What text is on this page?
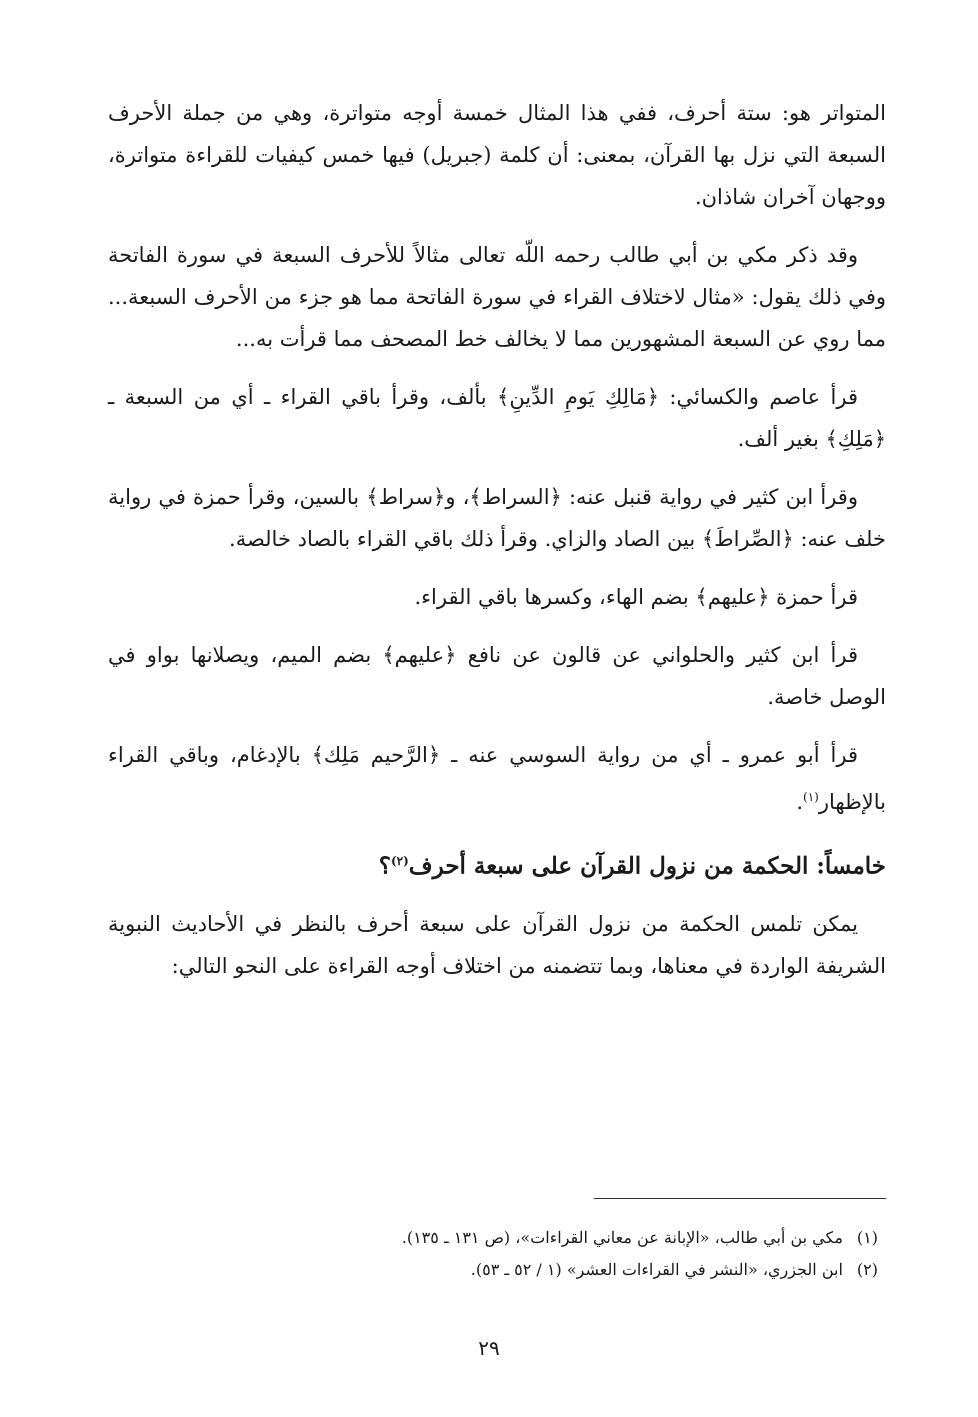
المتواتر هو: ستة أحرف، ففي هذا المثال خمسة أوجه متواترة، وهي من جملة الأحرف السبعة التي نزل بها القرآن، بمعنى: أن كلمة (جبريل) فيها خمس كيفيات للقراءة متواترة، ووجهان آخران شاذان.

وقد ذكر مكي بن أبي طالب رحمه اللّه تعالى مثالاً للأحرف السبعة في سورة الفاتحة وفي ذلك يقول: «مثال لاختلاف القراء في سورة الفاتحة مما هو جزء من الأحرف السبعة... مما روي عن السبعة المشهورين مما لا يخالف خط المصحف مما قرأت به...

قرأ عاصم والكسائي: ﴿مَالِكِ يَومِ الدِّينِ﴾ بألف، وقرأ باقي القراء ـ أي من السبعة ـ ﴿مَلِكِ﴾ بغير ألف.

وقرأ ابن كثير في رواية قنبل عنه: ﴿السراط﴾، و﴿سراط﴾ بالسين، وقرأ حمزة في رواية خلف عنه: ﴿الصِّراطَ﴾ بين الصاد والزاي. وقرأ ذلك باقي القراء بالصاد خالصة.

قرأ حمزة ﴿عليهم﴾ بضم الهاء، وكسرها باقي القراء.

قرأ ابن كثير والحلواني عن قالون عن نافع ﴿عليهم﴾ بضم الميم، ويصلانها بواو في الوصل خاصة.

قرأ أبو عمرو ـ أي من رواية السوسي عنه ـ ﴿الرَّحيم مَلِك﴾ بالإدغام، وباقي القراء بالإظهار$^{(١)}$.

خامساً: الحكمة من نزول القرآن على سبعة أحرف$^{(٢)}$؟

يمكن تلمس الحكمة من نزول القرآن على سبعة أحرف بالنظر في الأحاديث النبوية الشريفة الواردة في معناها، وبما تتضمنه من اختلاف أوجه القراءة على النحو التالي:

(١)مكي بن أبي طالب، «الإبانة عن معاني القراءات»، (ص ١٣١ ـ ١٣٥).

(٢)ابن الجزري، «النشر في القراءات العشر» (١ / ٥٢ ـ ٥٣).

٢٩
